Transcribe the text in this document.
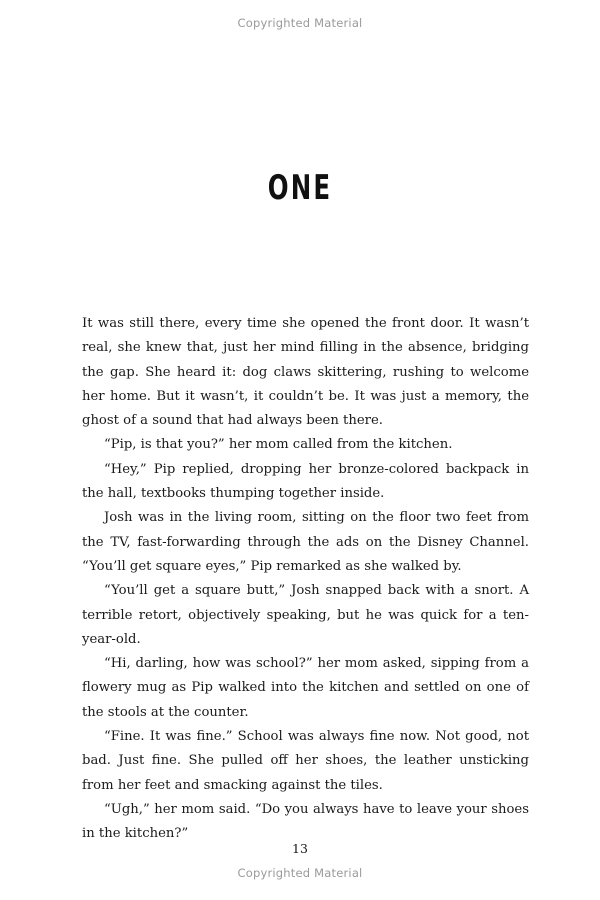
Copyrighted Material
ONE

It was still there, every time she opened the front door. It wasn’t real, she knew that, just her mind filling in the absence, bridging the gap. She heard it: dog claws skittering, rushing to welcome her home. But it wasn’t, it couldn’t be. It was just a memory, the ghost of a sound that had always been there.

“Pip, is that you?” her mom called from the kitchen.

“Hey,” Pip replied, dropping her bronze-colored backpack in the hall, textbooks thumping together inside.

Josh was in the living room, sitting on the floor two feet from the TV, fast-forwarding through the ads on the Disney Channel. “You’ll get square eyes,” Pip remarked as she walked by.

“You’ll get a square butt,” Josh snapped back with a snort. A terrible retort, objectively speaking, but he was quick for a ten-year-old.

“Hi, darling, how was school?” her mom asked, sipping from a flowery mug as Pip walked into the kitchen and settled on one of the stools at the counter.

“Fine. It was fine.” School was always fine now. Not good, not bad. Just fine. She pulled off her shoes, the leather unsticking from her feet and smacking against the tiles.

“Ugh,” her mom said. “Do you always have to leave your shoes in the kitchen?”

13
Copyrighted Material
